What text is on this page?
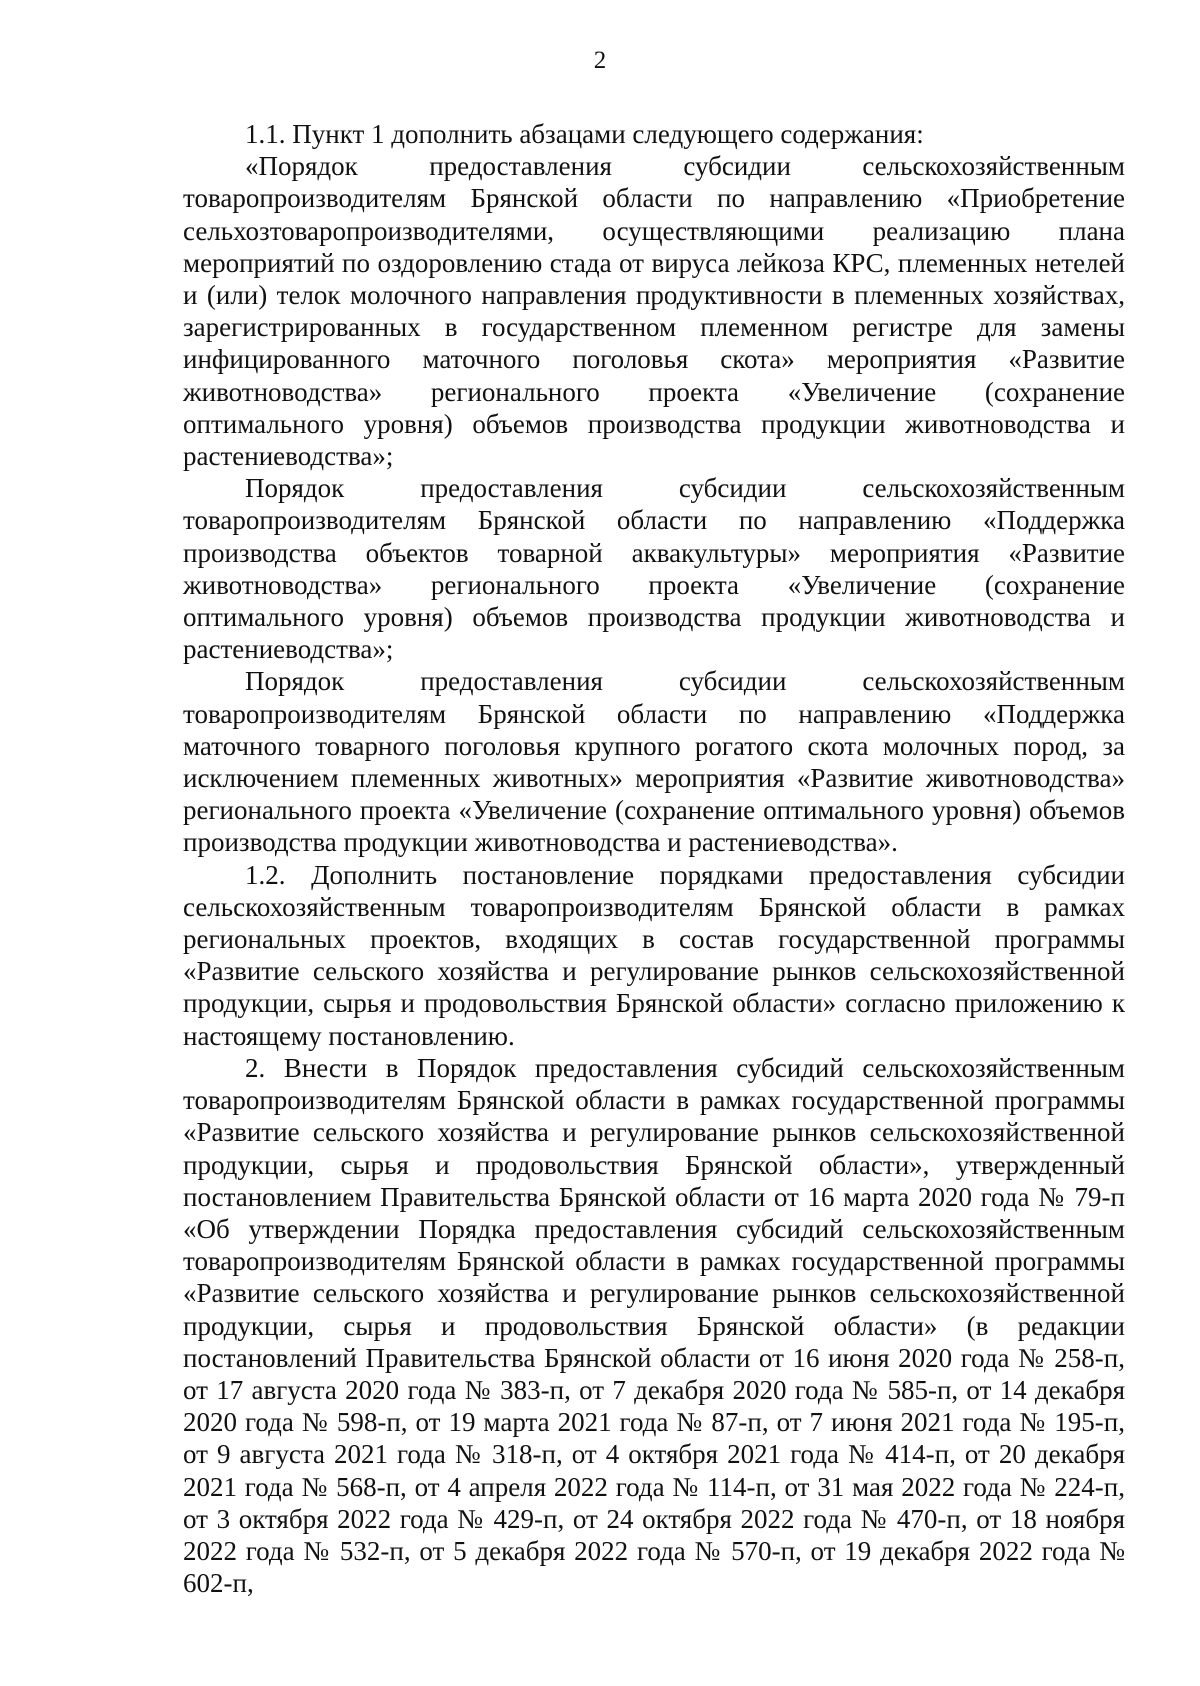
2

1.1. Пункт 1 дополнить абзацами следующего содержания:

«Порядок предоставления субсидии сельскохозяйственным товаропроизводителям Брянской области по направлению «Приобретение сельхозтоваропроизводителями, осуществляющими реализацию плана мероприятий по оздоровлению стада от вируса лейкоза КРС, племенных нетелей и (или) телок молочного направления продуктивности в племенных хозяйствах, зарегистрированных в государственном племенном регистре для замены инфицированного маточного поголовья скота» мероприятия «Развитие животноводства» регионального проекта «Увеличение (сохранение оптимального уровня) объемов производства продукции животноводства и растениеводства»;

Порядок предоставления субсидии сельскохозяйственным товаропроизводителям Брянской области по направлению «Поддержка производства объектов товарной аквакультуры» мероприятия «Развитие животноводства» регионального проекта «Увеличение (сохранение оптимального уровня) объемов производства продукции животноводства и растениеводства»;

Порядок предоставления субсидии сельскохозяйственным товаропроизводителям Брянской области по направлению «Поддержка маточного товарного поголовья крупного рогатого скота молочных пород, за исключением племенных животных» мероприятия «Развитие животноводства» регионального проекта «Увеличение (сохранение оптимального уровня) объемов производства продукции животноводства и растениеводства».

1.2. Дополнить постановление порядками предоставления субсидии сельскохозяйственным товаропроизводителям Брянской области в рамках региональных проектов, входящих в состав государственной программы «Развитие сельского хозяйства и регулирование рынков сельскохозяйственной продукции, сырья и продовольствия Брянской области» согласно приложению к настоящему постановлению.

2. Внести в Порядок предоставления субсидий сельскохозяйственным товаропроизводителям Брянской области в рамках государственной программы «Развитие сельского хозяйства и регулирование рынков сельскохозяйственной продукции, сырья и продовольствия Брянской области», утвержденный постановлением Правительства Брянской области от 16 марта 2020 года № 79-п «Об утверждении Порядка предоставления субсидий сельскохозяйственным товаропроизводителям Брянской области в рамках государственной программы «Развитие сельского хозяйства и регулирование рынков сельскохозяйственной продукции, сырья и продовольствия Брянской области» (в редакции постановлений Правительства Брянской области от 16 июня 2020 года № 258-п, от 17 августа 2020 года № 383-п, от 7 декабря 2020 года № 585-п, от 14 декабря 2020 года № 598-п, от 19 марта 2021 года № 87-п, от 7 июня 2021 года № 195-п, от 9 августа 2021 года № 318-п, от 4 октября 2021 года № 414-п, от 20 декабря 2021 года № 568-п, от 4 апреля 2022 года № 114-п, от 31 мая 2022 года № 224-п, от 3 октября 2022 года № 429-п, от 24 октября 2022 года № 470-п, от 18 ноября 2022 года № 532-п, от 5 декабря 2022 года № 570-п, от 19 декабря 2022 года № 602-п,
